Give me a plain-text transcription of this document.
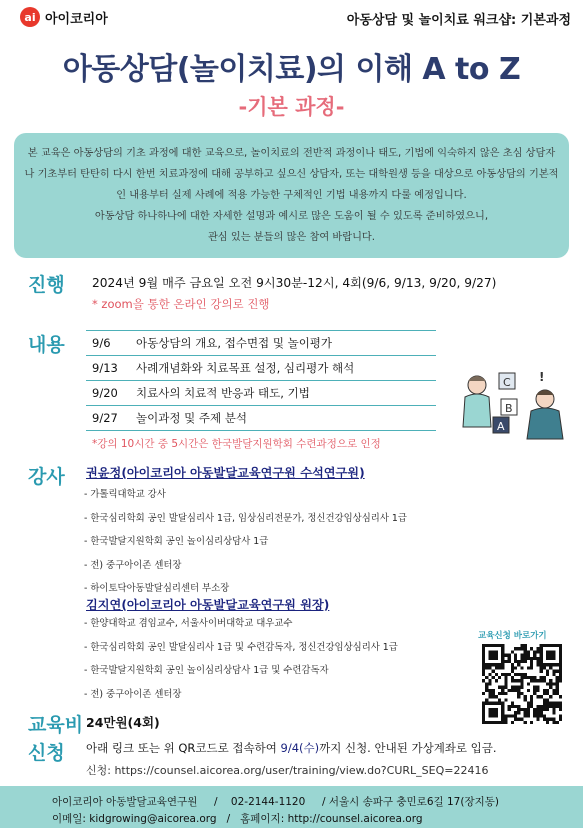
ai 아이코리아	아동상담 및 놀이치료 워크샵: 기본과정
아동상담(놀이치료)의 이해 A to Z
-기본 과정-

본 교육은 아동상담의 기초 과정에 대한 교육으로, 놀이치료의 전반적 과정이나 태도, 기법에 익숙하지 않은 초심 상담자나 기초부터 탄탄히 다시 한번 치료과정에 대해 공부하고 싶으신 상담자, 또는 대학원생 등을 대상으로 아동상담의 기본적인 내용부터 실제 사례에 적용 가능한 구체적인 기법 내용까지 다룰 예정입니다.

아동상담 하나하나에 대한 자세한 설명과 예시로 많은 도움이 될 수 있도록 준비하였으니,

관심 있는 분들의 많은 참여 바랍니다.

진행 2024년 9월 매주 금요일 오전 9시30분-12시, 4회(9/6, 9/13, 9/20, 9/27)
* zoom을 통한 온라인 강의로 진행
내용	9/6	아동상담의 개요, 접수면접 및 놀이평가
9/13	사례개념화와 치료목표 설정, 심리평가 해석
9/20	치료사의 치료적 반응과 태도, 기법
9/27	놀이과정 및 주제 분석
*강의 10시간 중 5시간은 한국발달지원학회 수련과정으로 인정
C
B
A
!
강사 권윤정(아이코리아 아동발달교육연구원 수석연구원)
- 가톨릭대학교 강사
- 한국심리학회 공인 발달심리사 1급, 임상심리전문가, 정신건강임상심리사 1급
- 한국발달지원학회 공인 놀이심리상담사 1급
- 전) 중구아이존 센터장
- 하이토닥아동발달심리센터 부소장
김지연(아이코리아 아동발달교육연구원 원장)
- 한양대학교 겸임교수, 서울사이버대학교 대우교수
- 한국심리학회 공인 발달심리사 1급 및 수련감독자, 정신건강임상심리사 1급
- 한국발달지원학회 공인 놀이심리상담사 1급 및 수련감독자
- 전) 중구아이존 센터장
교육신청 바로가기
교육비 24만원(4회)
신청 아래 링크 또는 위 QR코드로 접속하여 9/4(수)까지 신청. 안내된 가상계좌로 입금.
신청: https://counsel.aicorea.org/user/training/view.do?CURL_SEQ=22416
아이코리아 아동발달교육연구원     /    02-2144-1120     / 서울시 송파구 충민로6길 17(장지동)
이메일: kidgrowing@aicorea.org   /   홈페이지: http://counsel.aicorea.org
